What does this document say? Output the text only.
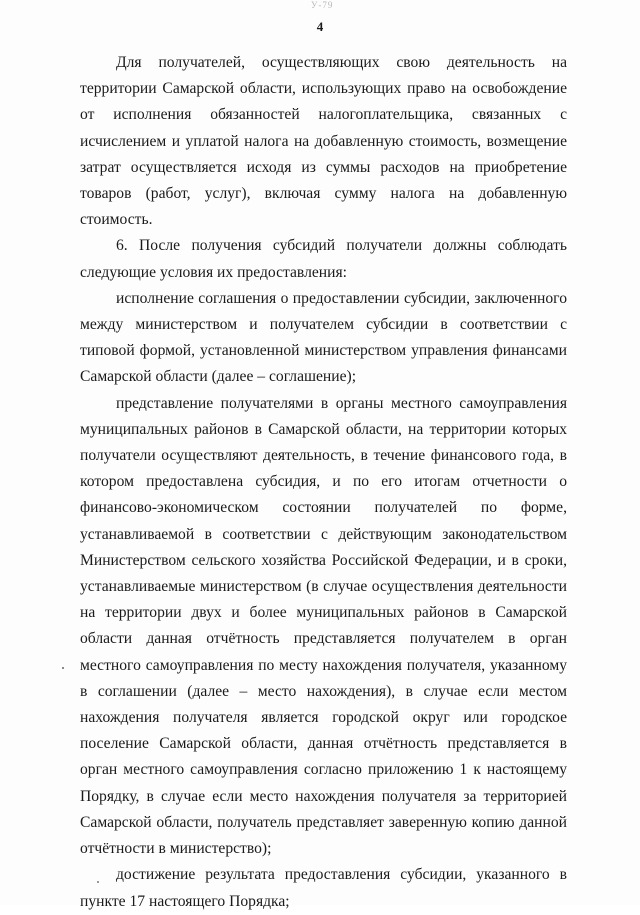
У-79
4

Для получателей, осуществляющих свою деятельность на территории Самарской области, использующих право на освобождение от исполнения обязанностей налогоплательщика, связанных с исчислением и уплатой налога на добавленную стоимость, возмещение затрат осуществляется исходя из суммы расходов на приобретение товаров (работ, услуг), включая сумму налога на добавленную стоимость.

6. После получения субсидий получатели должны соблюдать следующие условия их предоставления:

исполнение соглашения о предоставлении субсидии, заключенного между министерством и получателем субсидии в соответствии с типовой формой, установленной министерством управления финансами Самарской области (далее – соглашение);

представление получателями в органы местного самоуправления муниципальных районов в Самарской области, на территории которых получатели осуществляют деятельность, в течение финансового года, в котором предоставлена субсидия, и по его итогам отчетности о финансово-экономическом состоянии получателей по форме, устанавливаемой в соответствии с действующим законодательством Министерством сельского хозяйства Российской Федерации, и в сроки, устанавливаемые министерством (в случае осуществления деятельности на территории двух и более муниципальных районов в Самарской области данная отчётность представляется получателем в орган местного самоуправления по месту нахождения получателя, указанному в соглашении (далее – место нахождения), в случае если местом нахождения получателя является городской округ или городское поселение Самарской области, данная отчётность представляется в орган местного самоуправления согласно приложению 1 к настоящему Порядку, в случае если место нахождения получателя за территорией Самарской области, получатель представляет заверенную копию данной отчётности в министерство);

достижение результата предоставления субсидии, указанного в пункте 17 настоящего Порядка;
